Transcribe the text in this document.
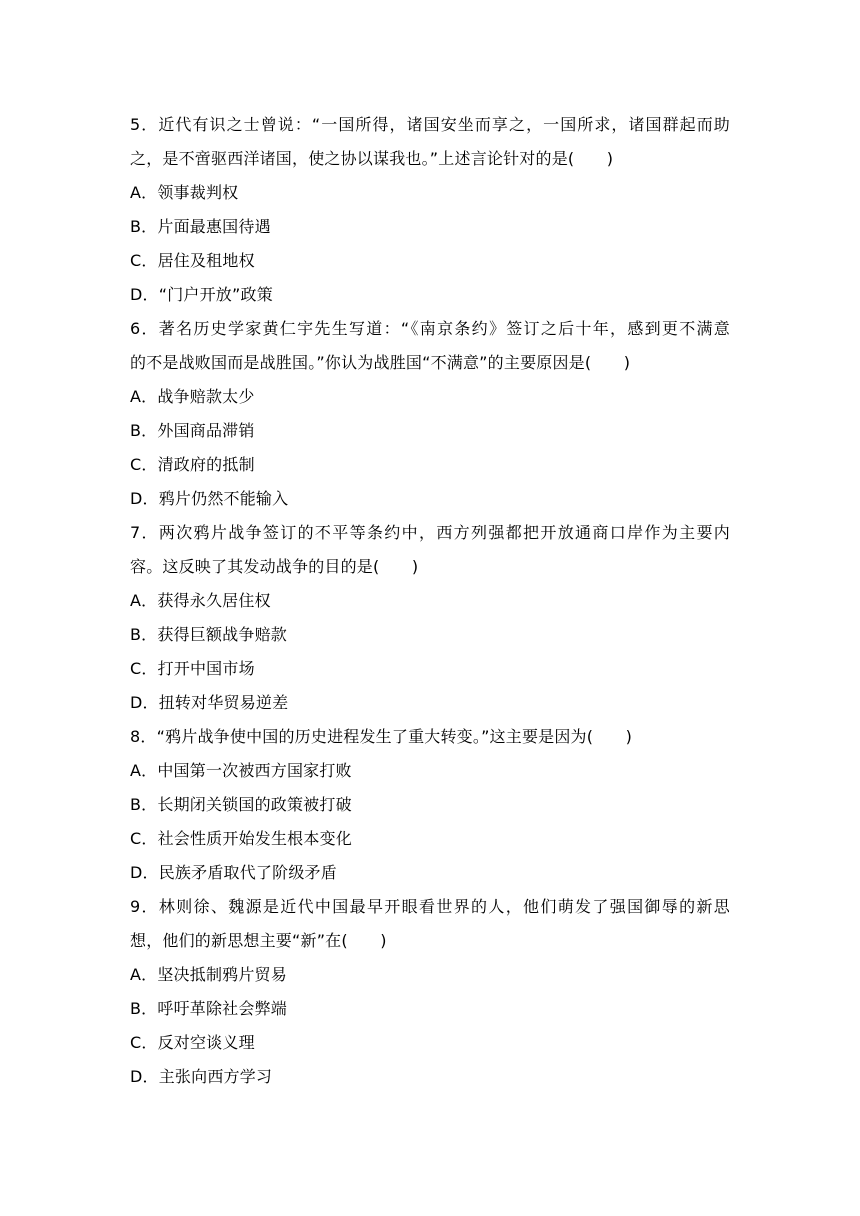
5．近代有识之士曾说：“一国所得，诸国安坐而享之，一国所求，诸国群起而助
之，是不啻驱西洋诸国，使之协以谋我也。”上述言论针对的是(　　)
A．领事裁判权
B．片面最惠国待遇
C．居住及租地权
D．“门户开放”政策
6．著名历史学家黄仁宇先生写道：“《南京条约》签订之后十年，感到更不满意
的不是战败国而是战胜国。”你认为战胜国“不满意”的主要原因是(　　)
A．战争赔款太少
B．外国商品滞销
C．清政府的抵制
D．鸦片仍然不能输入
7．两次鸦片战争签订的不平等条约中，西方列强都把开放通商口岸作为主要内
容。这反映了其发动战争的目的是(　　)
A．获得永久居住权
B．获得巨额战争赔款
C．打开中国市场
D．扭转对华贸易逆差
8．“鸦片战争使中国的历史进程发生了重大转变。”这主要是因为(　　)
A．中国第一次被西方国家打败
B．长期闭关锁国的政策被打破
C．社会性质开始发生根本变化
D．民族矛盾取代了阶级矛盾
9．林则徐、魏源是近代中国最早开眼看世界的人，他们萌发了强国御辱的新思
想，他们的新思想主要“新”在(　　)
A．坚决抵制鸦片贸易
B．呼吁革除社会弊端
C．反对空谈义理
D．主张向西方学习
